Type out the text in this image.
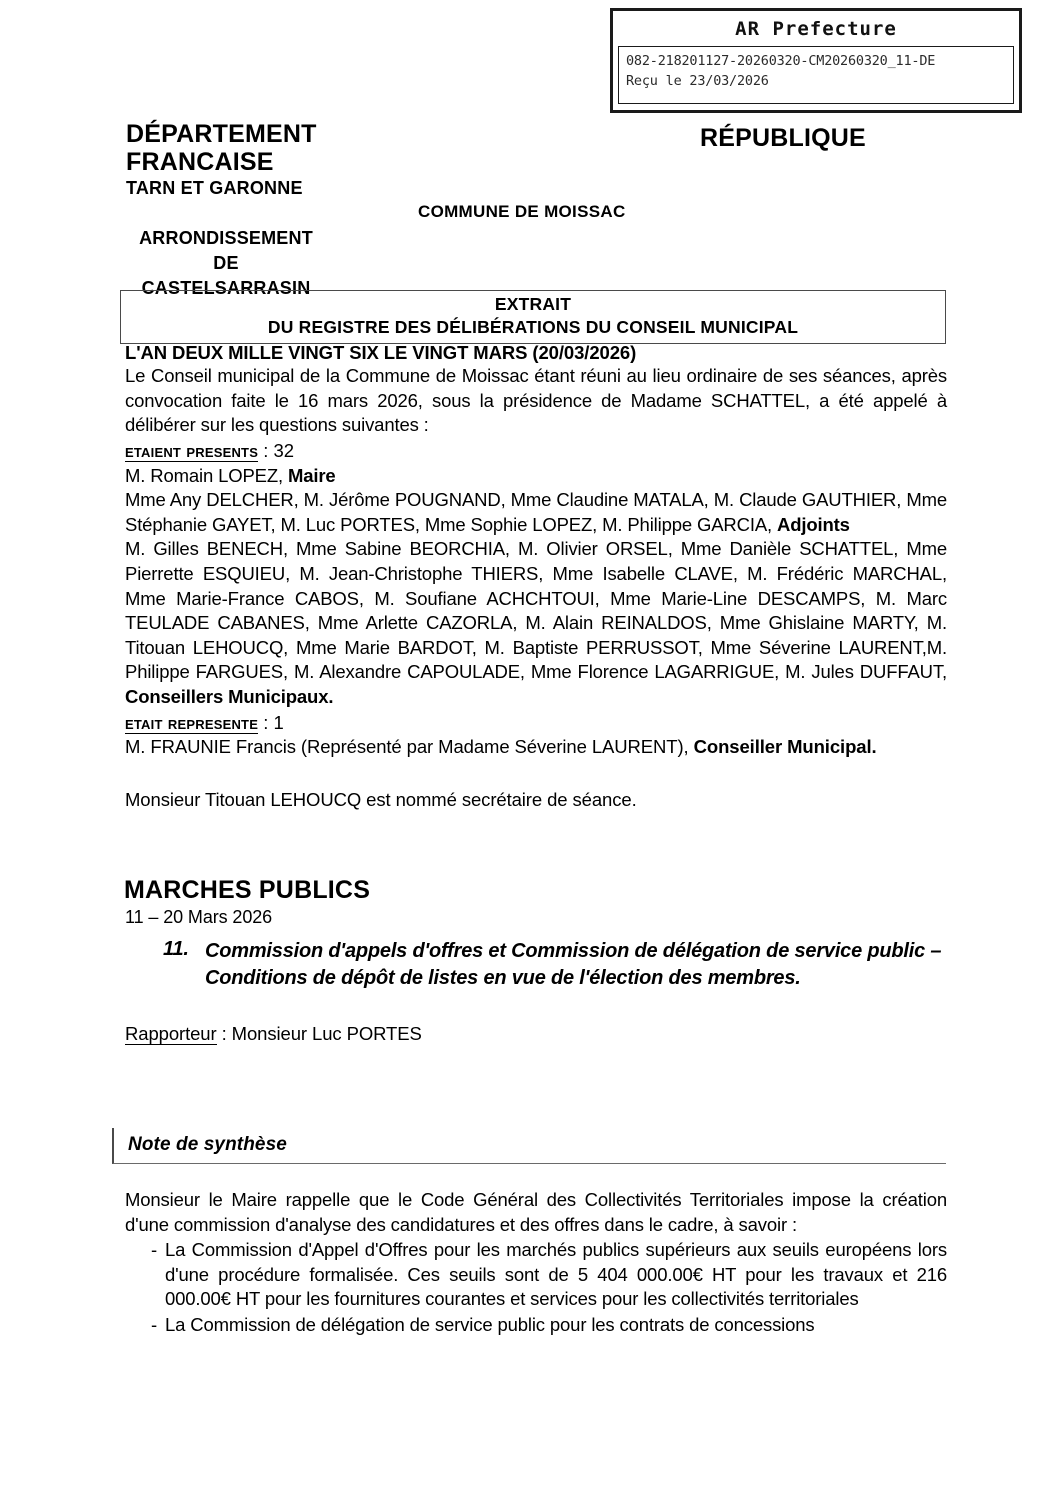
AR Prefecture
082-218201127-20260320-CM20260320_11-DE
Reçu le 23/03/2026
DÉPARTEMENT
FRANCAISE
TARN ET GARONNE
ARRONDISSEMENT
DE
CASTELSARRASIN
RÉPUBLIQUE
COMMUNE DE MOISSAC
EXTRAIT
DU REGISTRE DES DÉLIBÉRATIONS DU CONSEIL MUNICIPAL
L'AN DEUX MILLE VINGT SIX LE VINGT MARS (20/03/2026)
Le Conseil municipal de la Commune de Moissac étant réuni au lieu ordinaire de ses séances, après convocation faite le 16 mars 2026, sous la présidence de Madame SCHATTEL, a été appelé à délibérer sur les questions suivantes :
etaient presents : 32
M. Romain LOPEZ, Maire
Mme Any DELCHER, M. Jérôme POUGNAND, Mme Claudine MATALA, M. Claude GAUTHIER, Mme Stéphanie GAYET, M. Luc PORTES, Mme Sophie LOPEZ, M. Philippe GARCIA, Adjoints
M. Gilles BENECH, Mme Sabine BEORCHIA, M. Olivier ORSEL, Mme Danièle SCHATTEL, Mme Pierrette ESQUIEU, M. Jean-Christophe THIERS, Mme Isabelle CLAVE, M. Frédéric MARCHAL, Mme Marie-France CABOS, M. Soufiane ACHCHTOUI, Mme Marie-Line DESCAMPS, M. Marc TEULADE CABANES, Mme Arlette CAZORLA, M. Alain REINALDOS, Mme Ghislaine MARTY, M. Titouan LEHOUCQ, Mme Marie BARDOT, M. Baptiste PERRUSSOT, Mme Séverine LAURENT,M. Philippe FARGUES, M. Alexandre CAPOULADE, Mme Florence LAGARRIGUE, M. Jules DUFFAUT, Conseillers Municipaux.
etait represente : 1
M. FRAUNIE Francis (Représenté par Madame Séverine LAURENT), Conseiller Municipal.
Monsieur Titouan LEHOUCQ est nommé secrétaire de séance.
MARCHES PUBLICS
11 – 20 Mars 2026
11. Commission d'appels d'offres et Commission de délégation de service public – Conditions de dépôt de listes en vue de l'élection des membres.
Rapporteur : Monsieur Luc PORTES
Note de synthèse
Monsieur le Maire rappelle que le Code Général des Collectivités Territoriales impose la création d'une commission d'analyse des candidatures et des offres dans le cadre, à savoir :
- La Commission d'Appel d'Offres pour les marchés publics supérieurs aux seuils européens lors d'une procédure formalisée. Ces seuils sont de 5 404 000.00€ HT pour les travaux et 216 000.00€ HT pour les fournitures courantes et services pour les collectivités territoriales
- La Commission de délégation de service public pour les contrats de concessions
